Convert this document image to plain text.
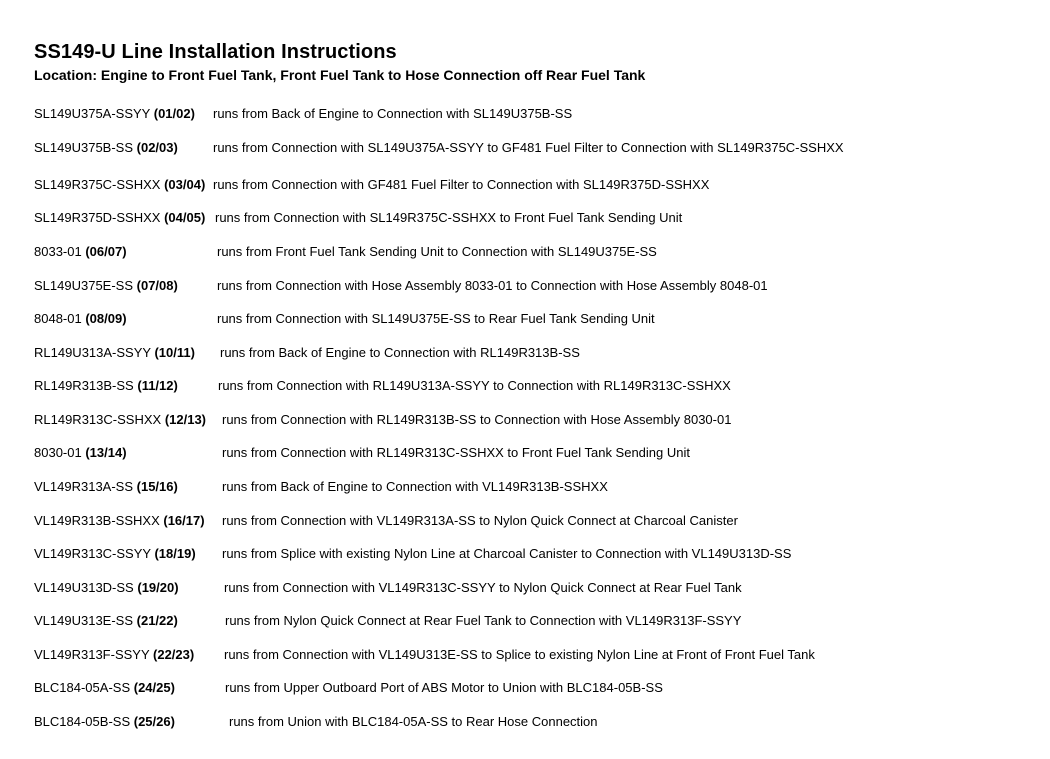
SS149-U Line Installation Instructions
Location: Engine to Front Fuel Tank, Front Fuel Tank to Hose Connection off Rear Fuel Tank
SL149U375A-SSYY (01/02) runs from Back of Engine to Connection with SL149U375B-SS
SL149U375B-SS (02/03)	runs from Connection with SL149U375A-SSYY to GF481 Fuel Filter to Connection with SL149R375C-SSHXX
SL149R375C-SSHXX (03/04) runs from Connection with GF481 Fuel Filter to Connection with SL149R375D-SSHXX
SL149R375D-SSHXX (04/05) runs from Connection with SL149R375C-SSHXX to Front Fuel Tank Sending Unit
8033-01 (06/07)	runs from Front Fuel Tank Sending Unit to Connection with SL149U375E-SS
SL149U375E-SS (07/08)	runs from Connection with Hose Assembly 8033-01 to Connection with Hose Assembly 8048-01
8048-01 (08/09)	runs from Connection with SL149U375E-SS to Rear Fuel Tank Sending Unit
RL149U313A-SSYY (10/11) runs from Back of Engine to Connection with RL149R313B-SS
RL149R313B-SS (11/12)	runs from Connection with RL149U313A-SSYY to Connection with RL149R313C-SSHXX
RL149R313C-SSHXX (12/13) runs from Connection with RL149R313B-SS to Connection with Hose Assembly 8030-01
8030-01 (13/14)	runs from Connection with RL149R313C-SSHXX to Front Fuel Tank Sending Unit
VL149R313A-SS (15/16)	runs from Back of Engine to Connection with VL149R313B-SSHXX
VL149R313B-SSHXX (16/17) runs from Connection with VL149R313A-SS to Nylon Quick Connect at Charcoal Canister
VL149R313C-SSYY (18/19) runs from Splice with existing Nylon Line at Charcoal Canister to Connection with VL149U313D-SS
VL149U313D-SS (19/20)	runs from Connection with VL149R313C-SSYY to Nylon Quick Connect at Rear Fuel Tank
VL149U313E-SS (21/22)	runs from Nylon Quick Connect at Rear Fuel Tank to Connection with VL149R313F-SSYY
VL149R313F-SSYY (22/23) runs from Connection with VL149U313E-SS to Splice to existing Nylon Line at Front of Front Fuel Tank
BLC184-05A-SS (24/25)	runs from Upper Outboard Port of ABS Motor to Union with BLC184-05B-SS
BLC184-05B-SS (25/26)	runs from Union with BLC184-05A-SS to Rear Hose Connection
